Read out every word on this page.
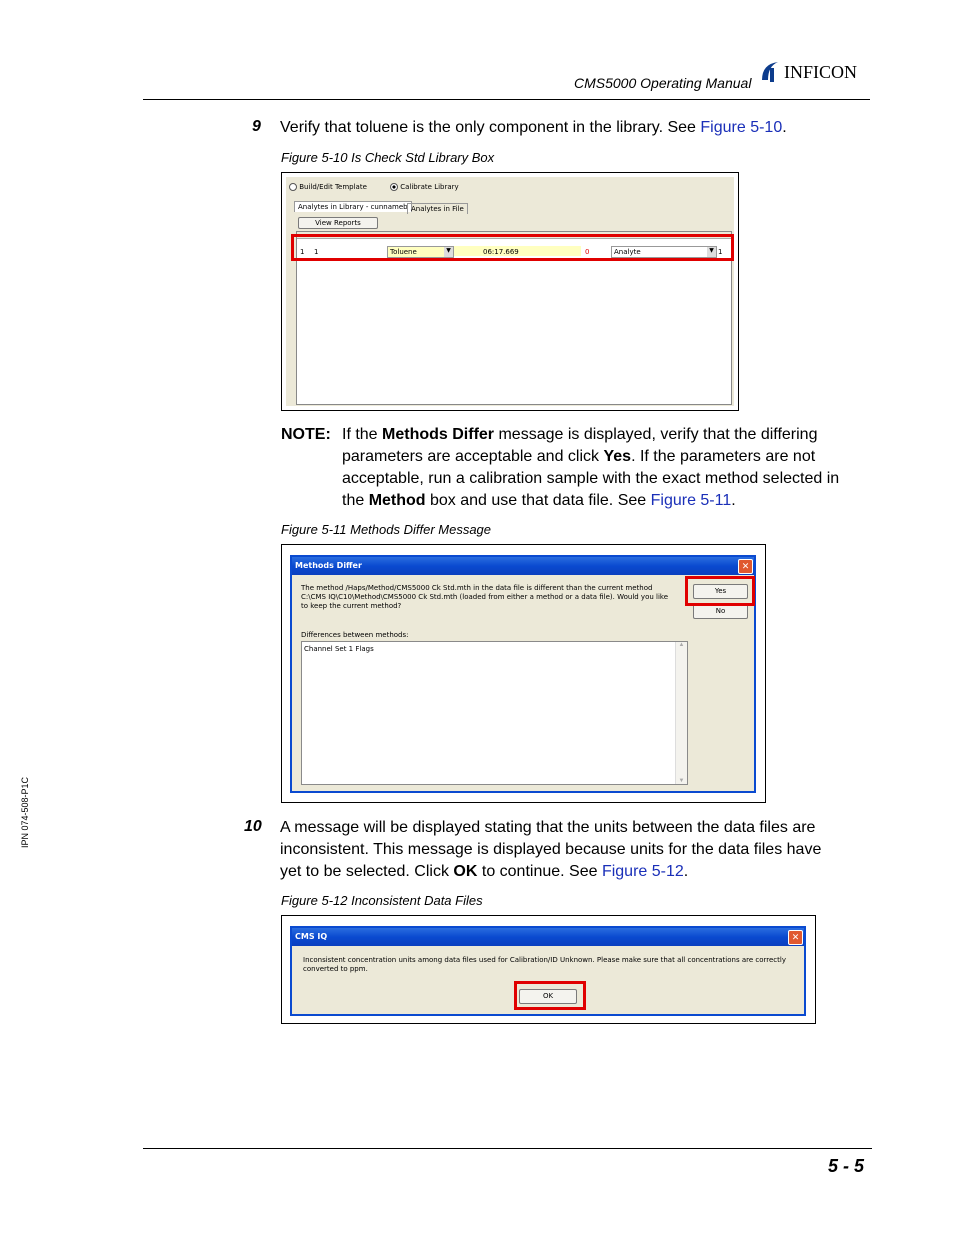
CMS5000 Operating Manual
INFICON
9 Verify that toluene is the only component in the library. See Figure 5-10.
Figure 5-10 Is Check Std Library Box
Build/Edit Template	Calibrate Library
Analytes in Library - cunnameb Analytes in File
View Reports
1 1	Toluene	▼	06:17.669	0	Analyte	▼ 1
NOTE: If the Methods Differ message is displayed, verify that the differing
parameters are acceptable and click Yes. If the parameters are not
acceptable, run a calibration sample with the exact method selected in
the Method box and use that data file. See Figure 5-11.
Figure 5-11 Methods Differ Message
Methods Differ	✕
The method /Haps/Method/CMS5000 Ck Std.mth in the data file is different than the current method
C:\CMS IQ\C10\Method\CMS5000 Ck Std.mth (loaded from either a method or a data file). Would you like
to keep the current method?
Yes
No
Differences between methods:
Channel Set 1 Flags	▲
▼
10 A message will be displayed stating that the units between the data files are
inconsistent. This message is displayed because units for the data files have
yet to be selected. Click OK to continue. See Figure 5-12.
Figure 5-12 Inconsistent Data Files
CMS IQ	✕
Inconsistent concentration units among data files used for Calibration/ID Unknown. Please make sure that all concentrations are correctly
converted to ppm.
OK
5 - 5
IPN 074-508-P1C
